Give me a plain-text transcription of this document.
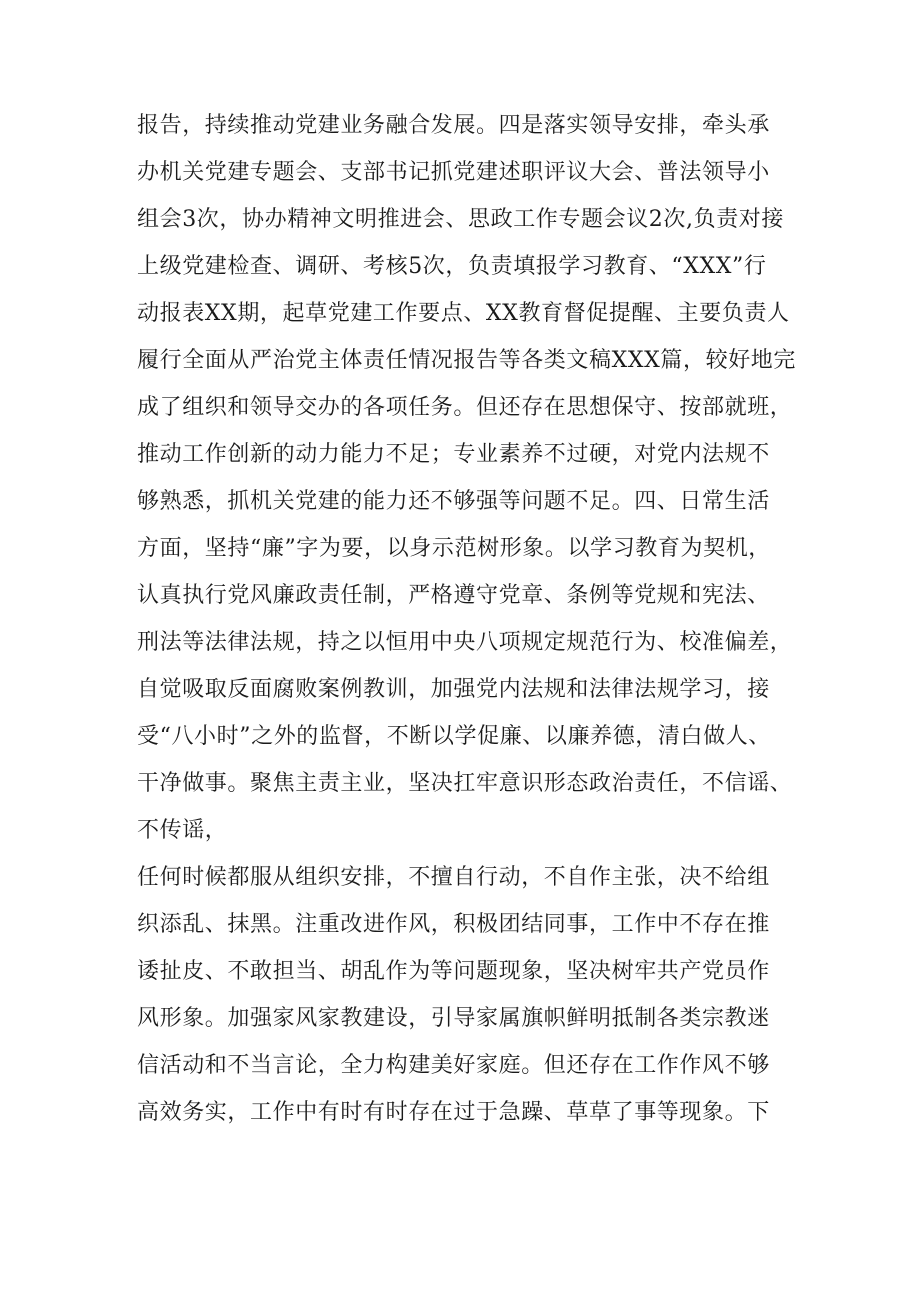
报告，持续推动党建业务融合发展。四是落实领导安排，牵头承
办机关党建专题会、支部书记抓党建述职评议大会、普法领导小
组会3次，协办精神文明推进会、思政工作专题会议2次,负责对接
上级党建检查、调研、考核5次，负责填报学习教育、“XXX”行
动报表XX期，起草党建工作要点、XX教育督促提醒、主要负责人
履行全面从严治党主体责任情况报告等各类文稿XXX篇，较好地完
成了组织和领导交办的各项任务。但还存在思想保守、按部就班，
推动工作创新的动力能力不足；专业素养不过硬，对党内法规不
够熟悉，抓机关党建的能力还不够强等问题不足。四、日常生活
方面，坚持“廉”字为要，以身示范树形象。以学习教育为契机，
认真执行党风廉政责任制，严格遵守党章、条例等党规和宪法、
刑法等法律法规，持之以恒用中央八项规定规范行为、校准偏差，
自觉吸取反面腐败案例教训，加强党内法规和法律法规学习，接
受“八小时”之外的监督，不断以学促廉、以廉养德，清白做人、
干净做事。聚焦主责主业，坚决扛牢意识形态政治责任，不信谣、
不传谣，
任何时候都服从组织安排，不擅自行动，不自作主张，决不给组
织添乱、抹黑。注重改进作风，积极团结同事，工作中不存在推
诿扯皮、不敢担当、胡乱作为等问题现象，坚决树牢共产党员作
风形象。加强家风家教建设，引导家属旗帜鲜明抵制各类宗教迷
信活动和不当言论，全力构建美好家庭。但还存在工作作风不够
高效务实，工作中有时有时存在过于急躁、草草了事等现象。下
